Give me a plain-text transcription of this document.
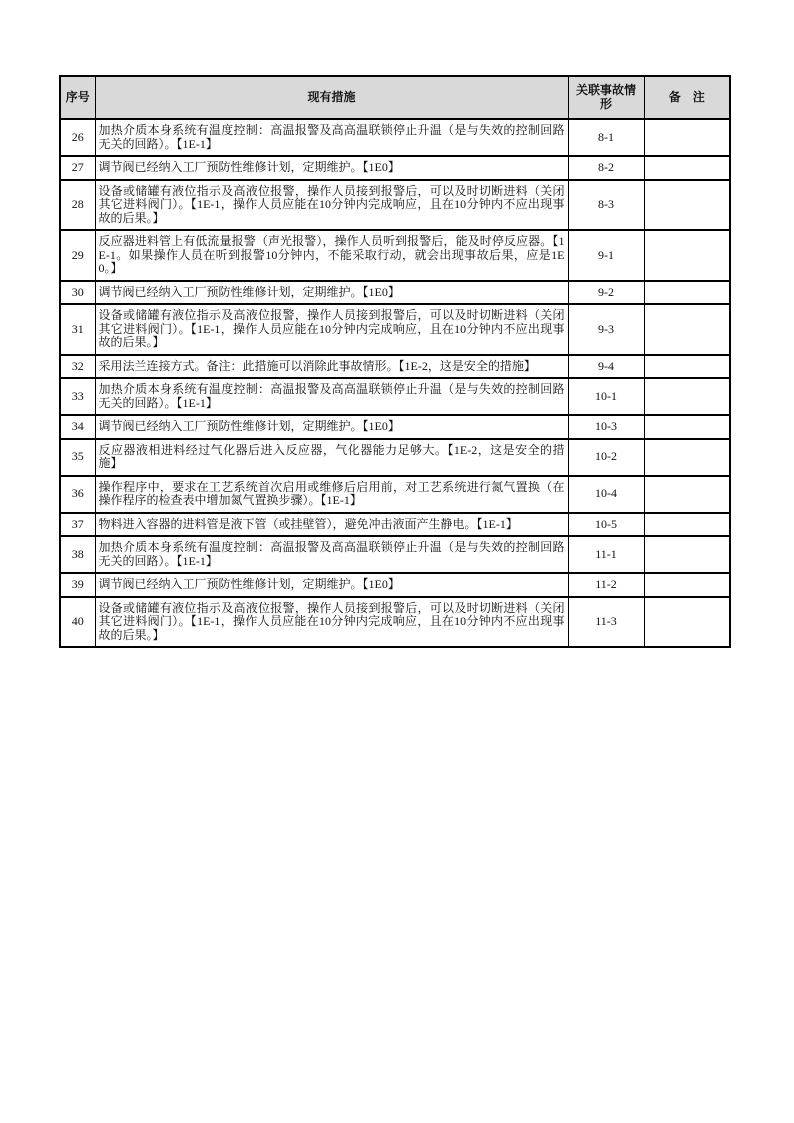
序号	现有措施	关联事故情形	备　注
26	加热介质本身系统有温度控制：高温报警及高高温联锁停止升温（是与失效的控制回路无关的回路）。【1E-1】	8-1	
27	调节阀已经纳入工厂预防性维修计划，定期维护。【1E0】	8-2	
28	设备或储罐有液位指示及高液位报警，操作人员接到报警后，可以及时切断进料（关闭其它进料阀门）。【1E-1，操作人员应能在10分钟内完成响应，且在10分钟内不应出现事故的后果。】	8-3	
29	反应器进料管上有低流量报警（声光报警），操作人员听到报警后，能及时停反应器。【1E-1。如果操作人员在听到报警10分钟内，不能采取行动，就会出现事故后果，应是1E0。】	9-1	
30	调节阀已经纳入工厂预防性维修计划，定期维护。【1E0】	9-2	
31	设备或储罐有液位指示及高液位报警，操作人员接到报警后，可以及时切断进料（关闭其它进料阀门）。【1E-1，操作人员应能在10分钟内完成响应，且在10分钟内不应出现事故的后果。】	9-3	
32	采用法兰连接方式。备注：此措施可以消除此事故情形。【1E-2，这是安全的措施】	9-4	
33	加热介质本身系统有温度控制：高温报警及高高温联锁停止升温（是与失效的控制回路无关的回路）。【1E-1】	10-1	
34	调节阀已经纳入工厂预防性维修计划，定期维护。【1E0】	10-3	
35	反应器液相进料经过气化器后进入反应器，气化器能力足够大。【1E-2，这是安全的措施】	10-2	
36	操作程序中，要求在工艺系统首次启用或维修后启用前，对工艺系统进行氮气置换（在操作程序的检查表中增加氮气置换步骤）。【1E-1】	10-4	
37	物料进入容器的进料管是液下管（或挂壁管），避免冲击液面产生静电。【1E-1】	10-5	
38	加热介质本身系统有温度控制：高温报警及高高温联锁停止升温（是与失效的控制回路无关的回路）。【1E-1】	11-1	
39	调节阀已经纳入工厂预防性维修计划，定期维护。【1E0】	11-2	
40	设备或储罐有液位指示及高液位报警，操作人员接到报警后，可以及时切断进料（关闭其它进料阀门）。【1E-1，操作人员应能在10分钟内完成响应，且在10分钟内不应出现事故的后果。】	11-3	
